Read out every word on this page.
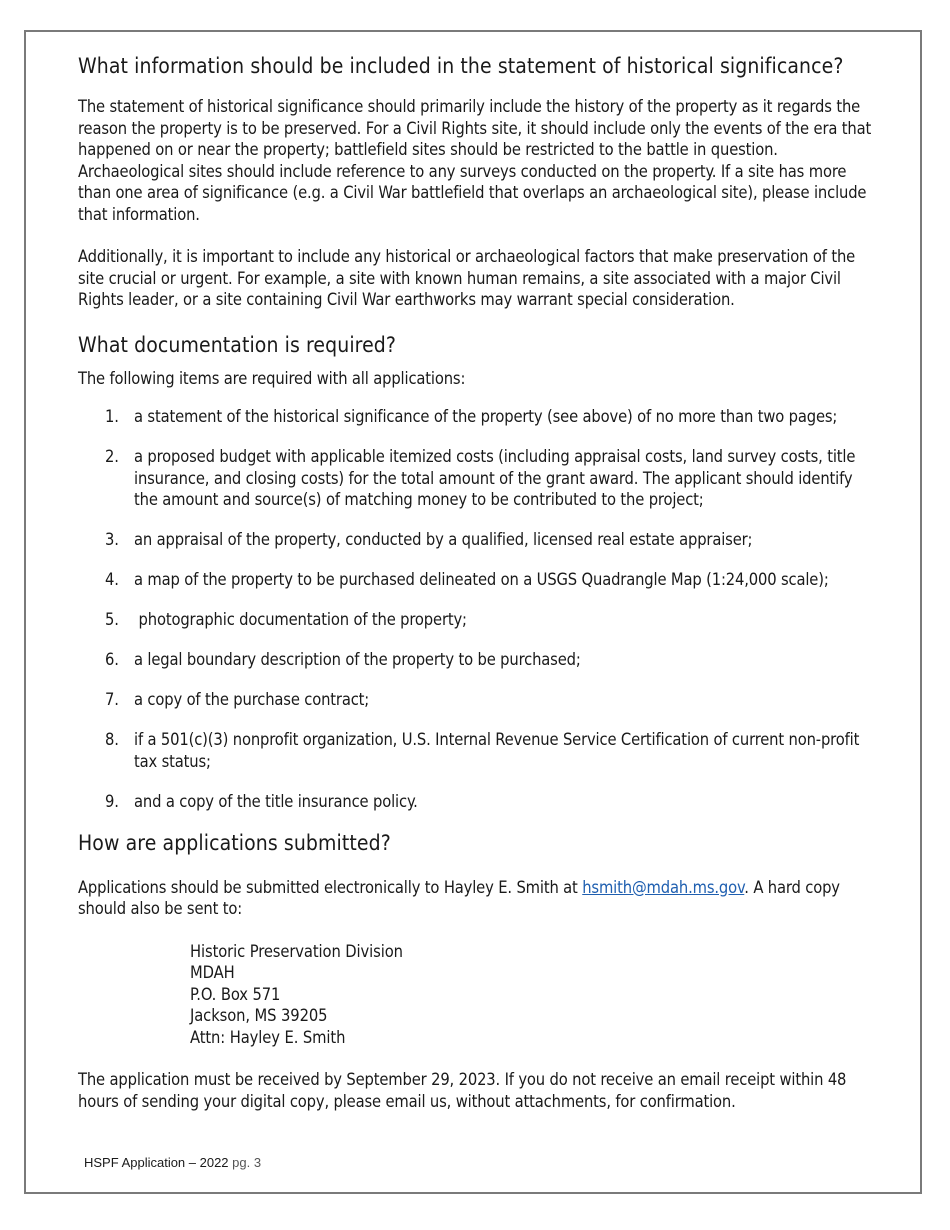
What information should be included in the statement of historical significance?

The statement of historical significance should primarily include the history of the property as it regards the reason the property is to be preserved. For a Civil Rights site, it should include only the events of the era that happened on or near the property; battlefield sites should be restricted to the battle in question. Archaeological sites should include reference to any surveys conducted on the property. If a site has more than one area of significance (e.g. a Civil War battlefield that overlaps an archaeological site), please include that information.

Additionally, it is important to include any historical or archaeological factors that make preservation of the site crucial or urgent. For example, a site with known human remains, a site associated with a major Civil Rights leader, or a site containing Civil War earthworks may warrant special consideration.

What documentation is required?

The following items are required with all applications:

1. a statement of the historical significance of the property (see above) of no more than two pages;
2. a proposed budget with applicable itemized costs (including appraisal costs, land survey costs, title insurance, and closing costs) for the total amount of the grant award. The applicant should identify the amount and source(s) of matching money to be contributed to the project;
3. an appraisal of the property, conducted by a qualified, licensed real estate appraiser;
4. a map of the property to be purchased delineated on a USGS Quadrangle Map (1:24,000 scale);
5. photographic documentation of the property;
6. a legal boundary description of the property to be purchased;
7. a copy of the purchase contract;
8. if a 501(c)(3) nonprofit organization, U.S. Internal Revenue Service Certification of current non-profit tax status;
9. and a copy of the title insurance policy.
How are applications submitted?

Applications should be submitted electronically to Hayley E. Smith at hsmith@mdah.ms.gov. A hard copy should also be sent to:

Historic Preservation Division
MDAH
P.O. Box 571
Jackson, MS 39205
Attn: Hayley E. Smith

The application must be received by September 29, 2023. If you do not receive an email receipt within 48 hours of sending your digital copy, please email us, without attachments, for confirmation.

HSPF Application – 2022 pg. 3
